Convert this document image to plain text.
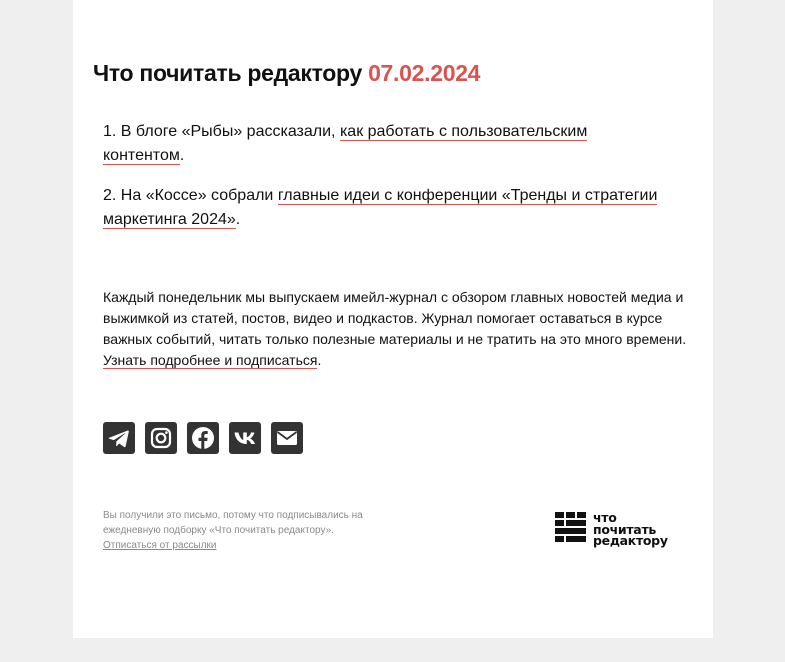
Что почитать редактору 07.02.2024

1. В блоге «Рыбы» рассказали, как работать с пользовательским контентом.

2. На «Коссе» собрали главные идеи с конференции «Тренды и стратегии маркетинга 2024».

Каждый понедельник мы выпускаем имейл-журнал с обзором главных новостей медиа и выжимкой из статей, постов, видео и подкастов. Журнал помогает оставаться в курсе важных событий, читать только полезные материалы и не тратить на это много времени. Узнать подробнее и подписаться.

Вы получили это письмо, потому что подписывались на ежедневную подборку «Что почитать редактору».
Отписаться от рассылки

что
почитать
редактору
